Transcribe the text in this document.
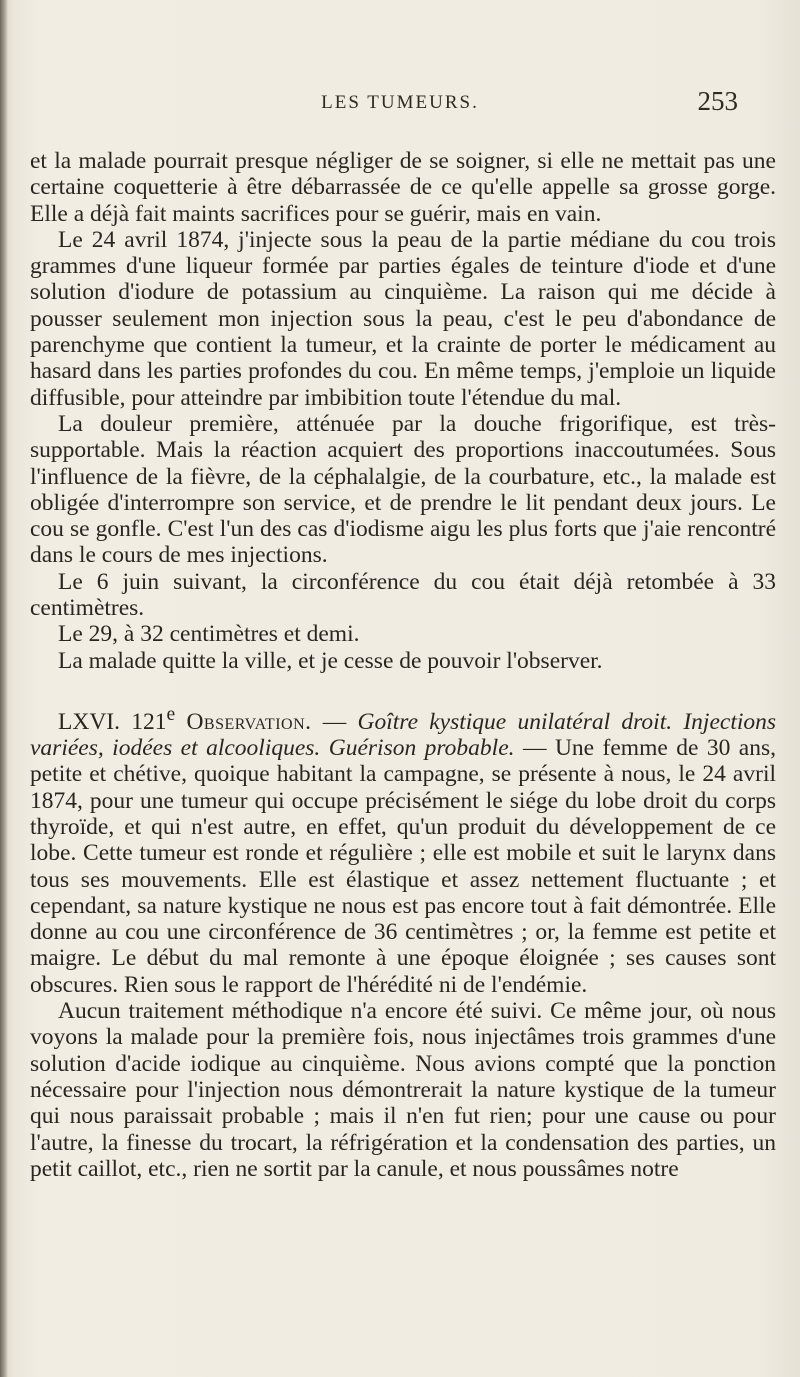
LES TUMEURS.	253

et la malade pourrait presque négliger de se soigner, si elle ne mettait pas une certaine coquetterie à être débarrassée de ce qu'elle appelle sa grosse gorge. Elle a déjà fait maints sacrifices pour se guérir, mais en vain.

Le 24 avril 1874, j'injecte sous la peau de la partie médiane du cou trois grammes d'une liqueur formée par parties égales de teinture d'iode et d'une solution d'iodure de potassium au cinquième. La raison qui me décide à pousser seulement mon injection sous la peau, c'est le peu d'abondance de parenchyme que contient la tumeur, et la crainte de porter le médicament au hasard dans les parties profondes du cou. En même temps, j'emploie un liquide diffusible, pour atteindre par imbibition toute l'étendue du mal.

La douleur première, atténuée par la douche frigorifique, est très-supportable. Mais la réaction acquiert des proportions inaccoutumées. Sous l'influence de la fièvre, de la céphalalgie, de la courbature, etc., la malade est obligée d'interrompre son service, et de prendre le lit pendant deux jours. Le cou se gonfle. C'est l'un des cas d'iodisme aigu les plus forts que j'aie rencontré dans le cours de mes injections.

Le 6 juin suivant, la circonférence du cou était déjà retombée à 33 centimètres.

Le 29, à 32 centimètres et demi.

La malade quitte la ville, et je cesse de pouvoir l'observer.

LXVI. 121e Observation. — Goître kystique unilatéral droit. Injections variées, iodées et alcooliques. Guérison probable. — Une femme de 30 ans, petite et chétive, quoique habitant la campagne, se présente à nous, le 24 avril 1874, pour une tumeur qui occupe précisément le siége du lobe droit du corps thyroïde, et qui n'est autre, en effet, qu'un produit du développement de ce lobe. Cette tumeur est ronde et régulière ; elle est mobile et suit le larynx dans tous ses mouvements. Elle est élastique et assez nettement fluctuante ; et cependant, sa nature kystique ne nous est pas encore tout à fait démontrée. Elle donne au cou une circonférence de 36 centimètres ; or, la femme est petite et maigre. Le début du mal remonte à une époque éloignée ; ses causes sont obscures. Rien sous le rapport de l'hérédité ni de l'endémie.

Aucun traitement méthodique n'a encore été suivi. Ce même jour, où nous voyons la malade pour la première fois, nous injectâmes trois grammes d'une solution d'acide iodique au cinquième. Nous avions compté que la ponction nécessaire pour l'injection nous démontrerait la nature kystique de la tumeur qui nous paraissait probable ; mais il n'en fut rien; pour une cause ou pour l'autre, la finesse du trocart, la réfrigération et la condensation des parties, un petit caillot, etc., rien ne sortit par la canule, et nous poussâmes notre
